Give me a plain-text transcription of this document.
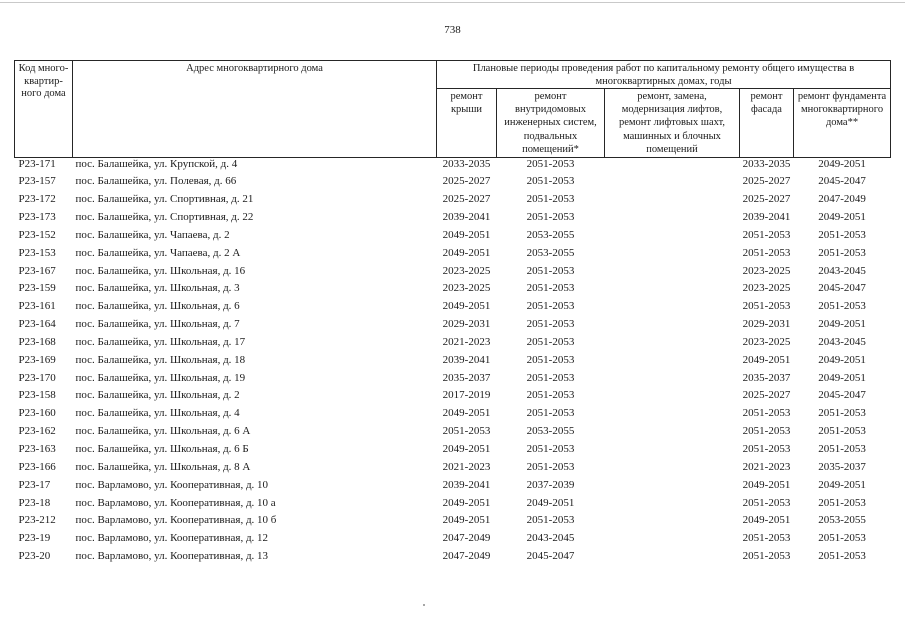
738
Код много-
квартир-
ного дома	Адрес многоквартирного дома	Плановые периоды проведения работ по капитальному ремонту общего имущества в
многоквартирных домах, годы				

		ремонт
крыши	ремонт
внутридомовых
инженерных систем,
подвальных
помещений*	ремонт, замена,
модернизация лифтов,
ремонт лифтовых шахт,
машинных и блочных
помещений	ремонт
фасада	ремонт фундамента
многоквартирного
дома**

P23-171	пос. Балашейка, ул. Крупской, д. 4	2033-2035	2051-2053		2033-2035	2049-2051
P23-157	пос. Балашейка, ул. Полевая, д. 66	2025-2027	2051-2053		2025-2027	2045-2047
P23-172	пос. Балашейка, ул. Спортивная, д. 21	2025-2027	2051-2053		2025-2027	2047-2049
P23-173	пос. Балашейка, ул. Спортивная, д. 22	2039-2041	2051-2053		2039-2041	2049-2051
P23-152	пос. Балашейка, ул. Чапаева, д. 2	2049-2051	2053-2055		2051-2053	2051-2053
P23-153	пос. Балашейка, ул. Чапаева, д. 2 А	2049-2051	2053-2055		2051-2053	2051-2053
P23-167	пос. Балашейка, ул. Школьная, д. 16	2023-2025	2051-2053		2023-2025	2043-2045
P23-159	пос. Балашейка, ул. Школьная, д. 3	2023-2025	2051-2053		2023-2025	2045-2047
P23-161	пос. Балашейка, ул. Школьная, д. 6	2049-2051	2051-2053		2051-2053	2051-2053
P23-164	пос. Балашейка, ул. Школьная, д. 7	2029-2031	2051-2053		2029-2031	2049-2051
P23-168	пос. Балашейка, ул. Школьная, д. 17	2021-2023	2051-2053		2023-2025	2043-2045
P23-169	пос. Балашейка, ул. Школьная, д. 18	2039-2041	2051-2053		2049-2051	2049-2051
P23-170	пос. Балашейка, ул. Школьная, д. 19	2035-2037	2051-2053		2035-2037	2049-2051
P23-158	пос. Балашейка, ул. Школьная, д. 2	2017-2019	2051-2053		2025-2027	2045-2047
P23-160	пос. Балашейка, ул. Школьная, д. 4	2049-2051	2051-2053		2051-2053	2051-2053
P23-162	пос. Балашейка, ул. Школьная, д. 6 А	2051-2053	2053-2055		2051-2053	2051-2053
P23-163	пос. Балашейка, ул. Школьная, д. 6 Б	2049-2051	2051-2053		2051-2053	2051-2053
P23-166	пос. Балашейка, ул. Школьная, д. 8 А	2021-2023	2051-2053		2021-2023	2035-2037
P23-17	пос. Варламово, ул. Кооперативная, д. 10	2039-2041	2037-2039		2049-2051	2049-2051
P23-18	пос. Варламово, ул. Кооперативная, д. 10 а	2049-2051	2049-2051		2051-2053	2051-2053
P23-212	пос. Варламово, ул. Кооперативная, д. 10 б	2049-2051	2051-2053		2049-2051	2053-2055
P23-19	пос. Варламово, ул. Кооперативная, д. 12	2047-2049	2043-2045		2051-2053	2051-2053
P23-20	пос. Варламово, ул. Кооперативная, д. 13	2047-2049	2045-2047		2051-2053	2051-2053
